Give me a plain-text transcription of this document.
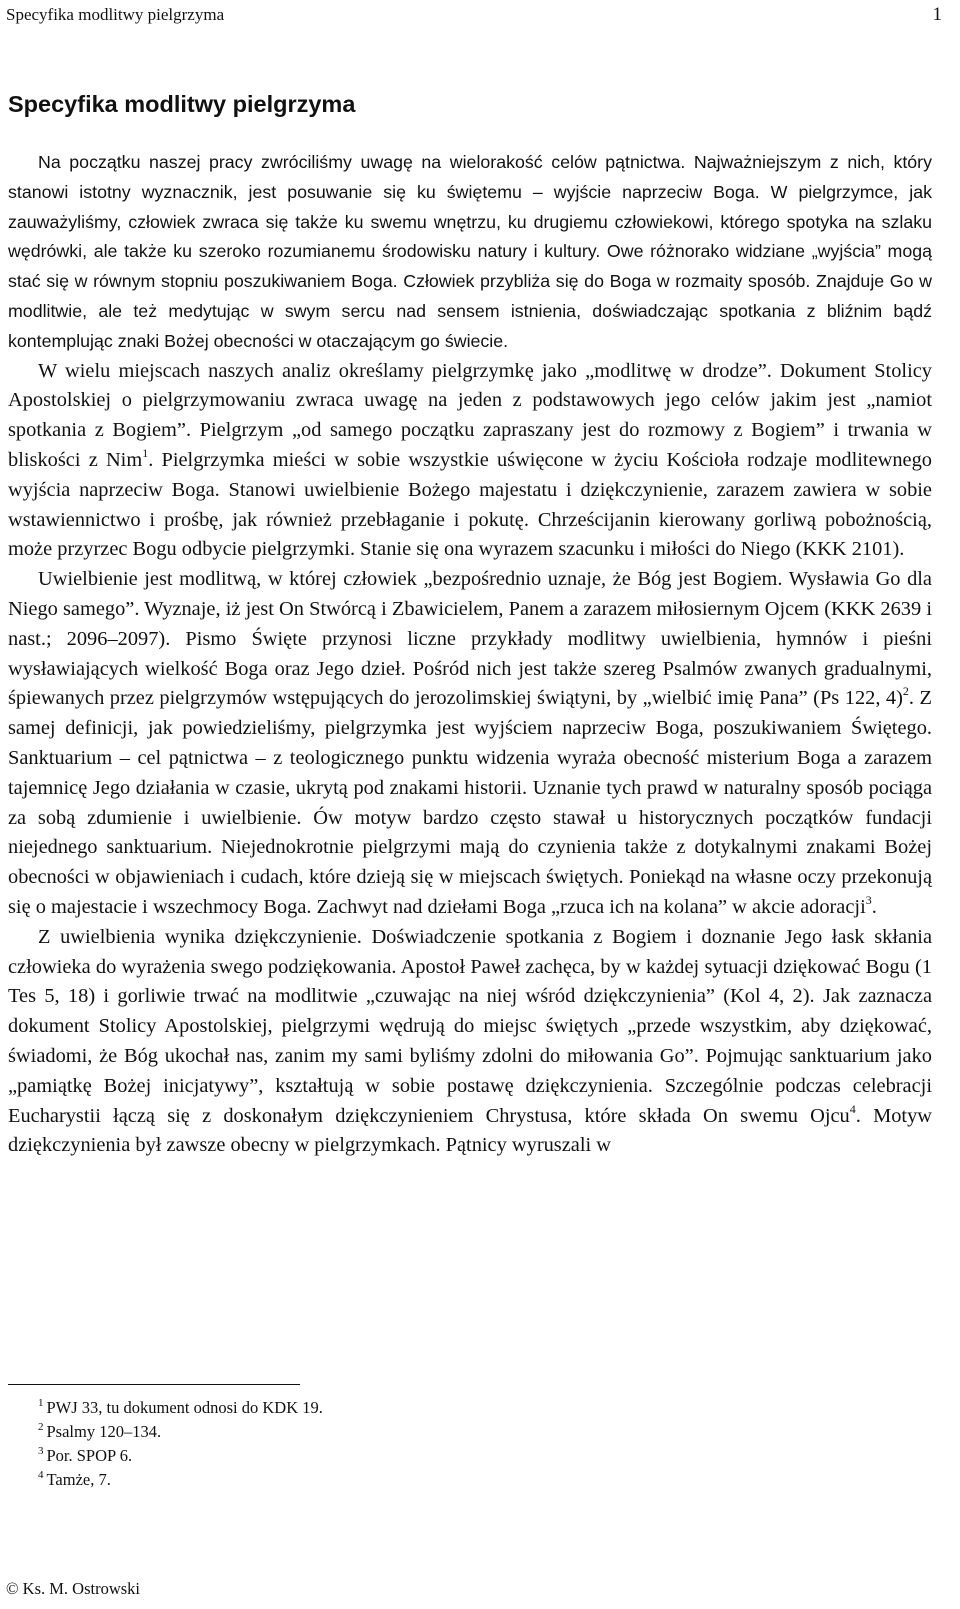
Specyfika modlitwy pielgrzyma	1
Specyfika modlitwy pielgrzyma

Na początku naszej pracy zwróciliśmy uwagę na wielorakość celów pątnictwa. Najważniejszym z nich, który stanowi istotny wyznacznik, jest posuwanie się ku świętemu – wyjście naprzeciw Boga. W pielgrzymce, jak zauważyliśmy, człowiek zwraca się także ku swemu wnętrzu, ku drugiemu człowiekowi, którego spotyka na szlaku wędrówki, ale także ku szeroko rozumianemu środowisku natury i kultury. Owe różnorako widziane „wyjścia” mogą stać się w równym stopniu poszukiwaniem Boga. Człowiek przybliża się do Boga w rozmaity sposób. Znajduje Go w modlitwie, ale też medytując w swym sercu nad sensem istnienia, doświadczając spotkania z bliźnim bądź kontemplując znaki Bożej obecności w otaczającym go świecie.

W wielu miejscach naszych analiz określamy pielgrzymkę jako „modlitwę w drodze”. Dokument Stolicy Apostolskiej o pielgrzymowaniu zwraca uwagę na jeden z podstawowych jego celów jakim jest „namiot spotkania z Bogiem”. Pielgrzym „od samego początku zapraszany jest do rozmowy z Bogiem” i trwania w bliskości z Nim$^1$. Pielgrzymka mieści w sobie wszystkie uświęcone w życiu Kościoła rodzaje modlitewnego wyjścia naprzeciw Boga. Stanowi uwielbienie Bożego majestatu i dziękczynienie, zarazem zawiera w sobie wstawiennictwo i prośbę, jak również przebłaganie i pokutę. Chrześcijanin kierowany gorliwą pobożnością, może przyrzec Bogu odbycie pielgrzymki. Stanie się ona wyrazem szacunku i miłości do Niego (KKK 2101).

Uwielbienie jest modlitwą, w której człowiek „bezpośrednio uznaje, że Bóg jest Bogiem. Wysławia Go dla Niego samego”. Wyznaje, iż jest On Stwórcą i Zbawicielem, Panem a zarazem miłosiernym Ojcem (KKK 2639 i nast.; 2096–2097). Pismo Święte przynosi liczne przykłady modlitwy uwielbienia, hymnów i pieśni wysławiających wielkość Boga oraz Jego dzieł. Pośród nich jest także szereg Psalmów zwanych gradualnymi, śpiewanych przez pielgrzymów wstępujących do jerozolimskiej świątyni, by „wielbić imię Pana” (Ps 122, 4)$^2$. Z samej definicji, jak powiedzieliśmy, pielgrzymka jest wyjściem naprzeciw Boga, poszukiwaniem Świętego. Sanktuarium – cel pątnictwa – z teologicznego punktu widzenia wyraża obecność misterium Boga a zarazem tajemnicę Jego działania w czasie, ukrytą pod znakami historii. Uznanie tych prawd w naturalny sposób pociąga za sobą zdumienie i uwielbienie. Ów motyw bardzo często stawał u historycznych początków fundacji niejednego sanktuarium. Niejednokrotnie pielgrzymi mają do czynienia także z dotykalnymi znakami Bożej obecności w objawieniach i cudach, które dzieją się w miejscach świętych. Poniekąd na własne oczy przekonują się o majestacie i wszechmocy Boga. Zachwyt nad dziełami Boga „rzuca ich na kolana” w akcie adoracji$^3$.

Z uwielbienia wynika dziękczynienie. Doświadczenie spotkania z Bogiem i doznanie Jego łask skłania człowieka do wyrażenia swego podziękowania. Apostoł Paweł zachęca, by w każdej sytuacji dziękować Bogu (1 Tes 5, 18) i gorliwie trwać na modlitwie „czuwając na niej wśród dziękczynienia” (Kol 4, 2). Jak zaznacza dokument Stolicy Apostolskiej, pielgrzymi wędrują do miejsc świętych „przede wszystkim, aby dziękować, świadomi, że Bóg ukochał nas, zanim my sami byliśmy zdolni do miłowania Go”. Pojmując sanktuarium jako „pamiątkę Bożej inicjatywy”, kształtują w sobie postawę dziękczynienia. Szczególnie podczas celebracji Eucharystii łączą się z doskonałym dziękczynieniem Chrystusa, które składa On swemu Ojcu$^4$. Motyw dziękczynienia był zawsze obecny w pielgrzymkach. Pątnicy wyruszali w

$^1$ PWJ 33, tu dokument odnosi do KDK 19.
$^2$ Psalmy 120–134.
$^3$ Por. SPOP 6.
$^4$ Tamże, 7.
© Ks. M. Ostrowski
